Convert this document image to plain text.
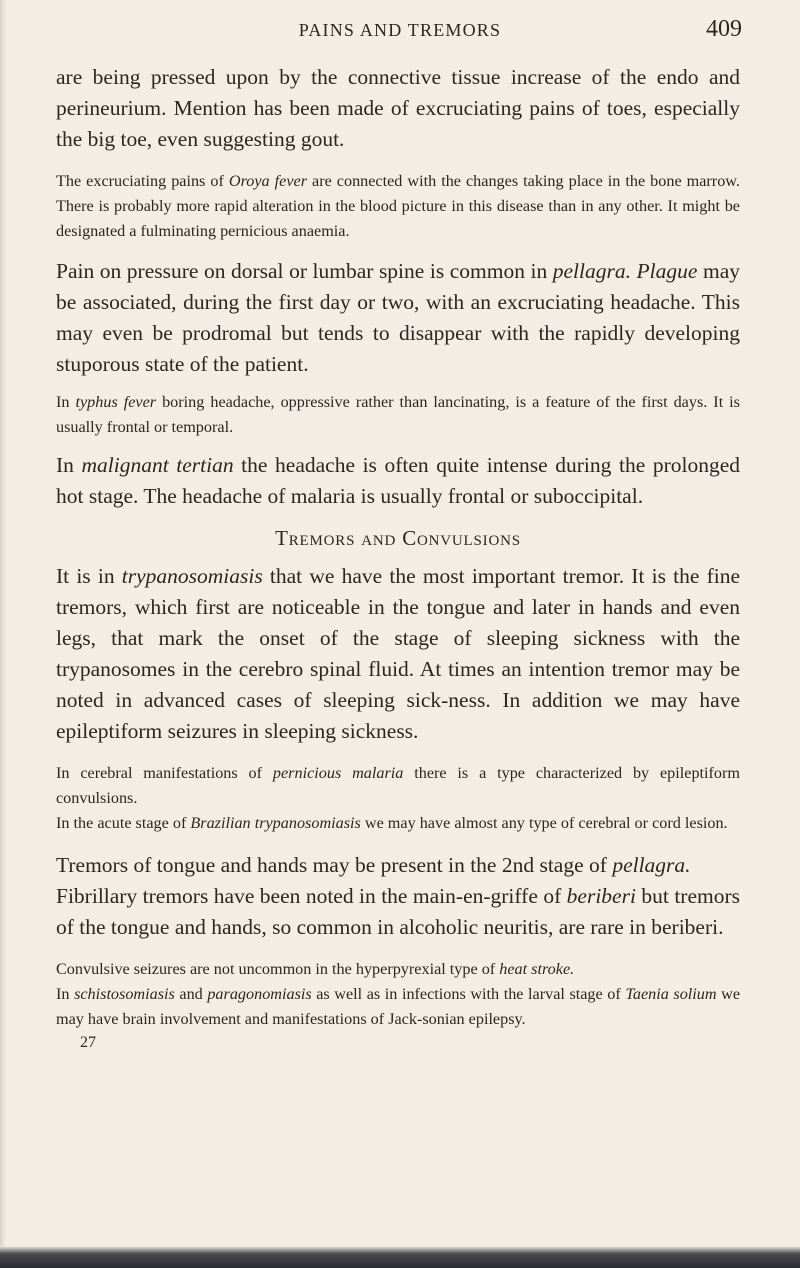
PAINS AND TREMORS	409

are being pressed upon by the connective tissue increase of the endo and perineurium. Mention has been made of excruciating pains of toes, especially the big toe, even suggesting gout.

The excruciating pains of Oroya fever are connected with the changes taking place in the bone marrow. There is probably more rapid alteration in the blood picture in this disease than in any other. It might be designated a fulminating pernicious anaemia.

Pain on pressure on dorsal or lumbar spine is common in pellagra. Plague may be associated, during the first day or two, with an excruciating headache. This may even be prodromal but tends to disappear with the rapidly developing stuporous state of the patient.

In typhus fever boring headache, oppressive rather than lancinating, is a feature of the first days. It is usually frontal or temporal.

In malignant tertian the headache is often quite intense during the prolonged hot stage. The headache of malaria is usually frontal or suboccipital.

Tremors and Convulsions

It is in trypanosomiasis that we have the most important tremor. It is the fine tremors, which first are noticeable in the tongue and later in hands and even legs, that mark the onset of the stage of sleeping sickness with the trypanosomes in the cerebro spinal fluid. At times an intention tremor may be noted in advanced cases of sleeping sick-ness. In addition we may have epileptiform seizures in sleeping sickness.

In cerebral manifestations of pernicious malaria there is a type characterized by epileptiform convulsions.

In the acute stage of Brazilian trypanosomiasis we may have almost any type of cerebral or cord lesion.

Tremors of tongue and hands may be present in the 2nd stage of pellagra.

Fibrillary tremors have been noted in the main-en-griffe of beriberi but tremors of the tongue and hands, so common in alcoholic neuritis, are rare in beriberi.

Convulsive seizures are not uncommon in the hyperpyrexial type of heat stroke.

In schistosomiasis and paragonomiasis as well as in infections with the larval stage of Taenia solium we may have brain involvement and manifestations of Jack-sonian epilepsy.

27
